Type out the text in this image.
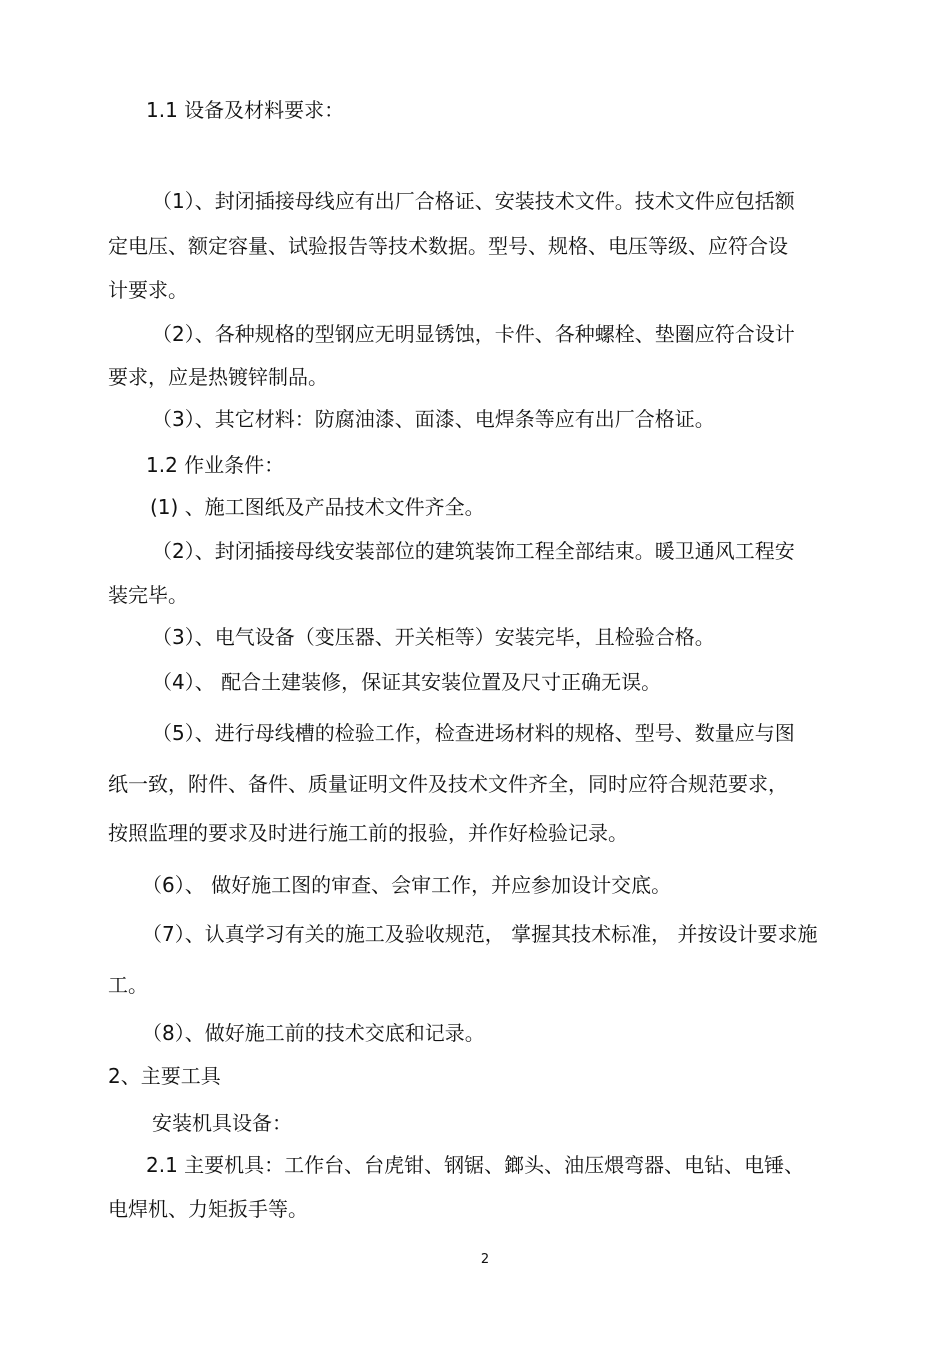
1.1 设备及材料要求：
（1）、封闭插接母线应有出厂合格证、安装技术文件。技术文件应包括额
定电压、额定容量、试验报告等技术数据。型号、规格、电压等级、应符合设
计要求。
（2）、各种规格的型钢应无明显锈蚀，卡件、各种螺栓、垫圈应符合设计
要求，应是热镀锌制品。
（3）、其它材料：防腐油漆、面漆、电焊条等应有出厂合格证。
1.2 作业条件：
(1) 、施工图纸及产品技术文件齐全。
（2）、封闭插接母线安装部位的建筑装饰工程全部结束。暖卫通风工程安
装完毕。
（3）、电气设备（变压器、开关柜等）安装完毕，且检验合格。
（4）、 配合土建装修，保证其安装位置及尺寸正确无误。
（5）、进行母线槽的检验工作，检查进场材料的规格、型号、数量应与图
纸一致，附件、备件、质量证明文件及技术文件齐全，同时应符合规范要求，
按照监理的要求及时进行施工前的报验，并作好检验记录。
（6）、 做好施工图的审查、会审工作，并应参加设计交底。
（7）、认真学习有关的施工及验收规范， 掌握其技术标准， 并按设计要求施
工。
（8）、做好施工前的技术交底和记录。
2、主要工具
安装机具设备：
2.1 主要机具：工作台、台虎钳、钢锯、鎯头、油压煨弯器、电钻、电锤、
电焊机、力矩扳手等。
2
